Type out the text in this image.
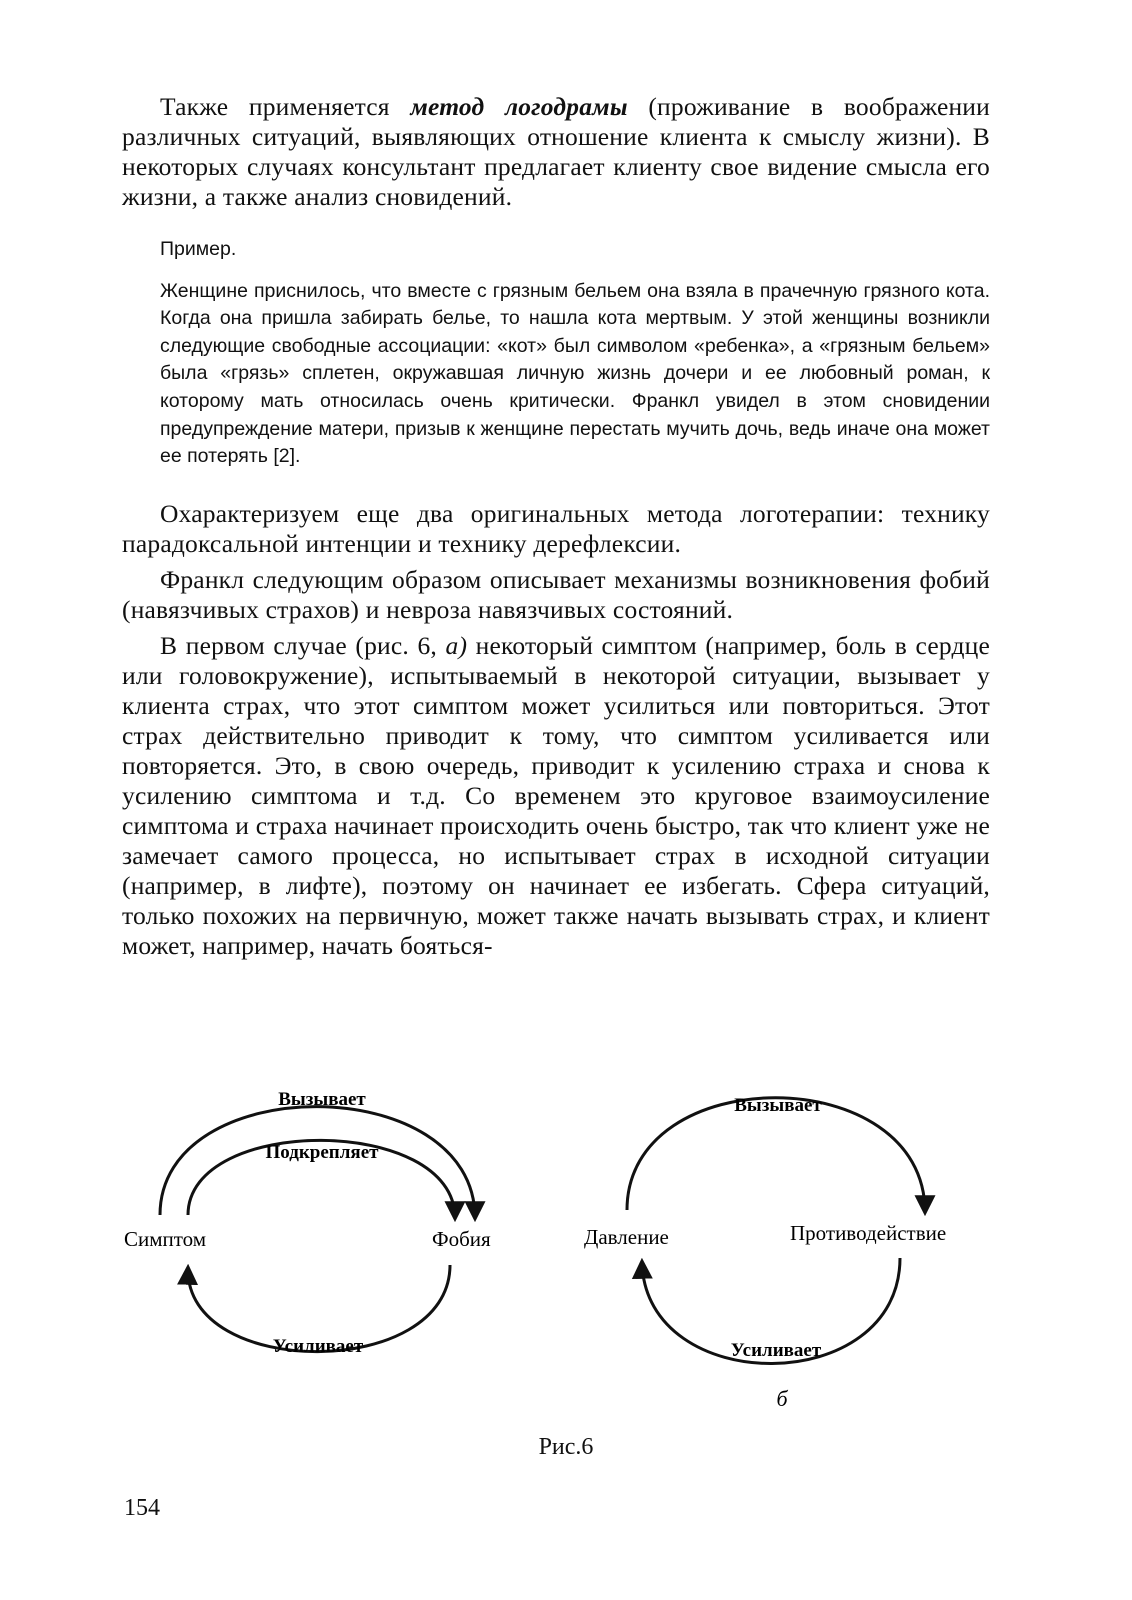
Также применяется метод логодрамы (проживание в воображении различных ситуаций, выявляющих отношение клиента к смыслу жизни). В некоторых случаях консультант предлагает клиенту свое видение смысла его жизни, а также анализ сновидений.

Пример.

Женщине приснилось, что вместе с грязным бельем она взяла в прачечную грязного кота. Когда она пришла забирать белье, то нашла кота мертвым. У этой женщины возникли следующие свободные ассоциации: «кот» был символом «ребенка», а «грязным бельем» была «грязь» сплетен, окружавшая личную жизнь дочери и ее любовный роман, к которому мать относилась очень критически. Франкл увидел в этом сновидении предупреждение матери, призыв к женщине перестать мучить дочь, ведь иначе она может ее потерять [2].

Охарактеризуем еще два оригинальных метода логотерапии: технику парадоксальной интенции и технику дерефлексии.

Франкл следующим образом описывает механизмы возникновения фобий (навязчивых страхов) и невроза навязчивых состояний.

В первом случае (рис. 6, а) некоторый симптом (например, боль в сердце или головокружение), испытываемый в некоторой ситуации, вызывает у клиента страх, что этот симптом может усилиться или повториться. Этот страх действительно приводит к тому, что симптом усиливается или повторяется. Это, в свою очередь, приводит к усилению страха и снова к усилению симптома и т.д. Со временем это круговое взаимоусиление симптома и страха начинает происходить очень быстро, так что клиент уже не замечает самого процесса, но испытывает страх в исходной ситуации (например, в лифте), поэтому он начинает ее избегать. Сфера ситуаций, только похожих на первичную, может также начать вызывать страх, и клиент может, например, начать бояться-

Вызывает
Подкрепляет
Симптом	Фобия
Усиливает
Вызывает
Давление	Противодействие
Усиливает
б
Рис.6
154
